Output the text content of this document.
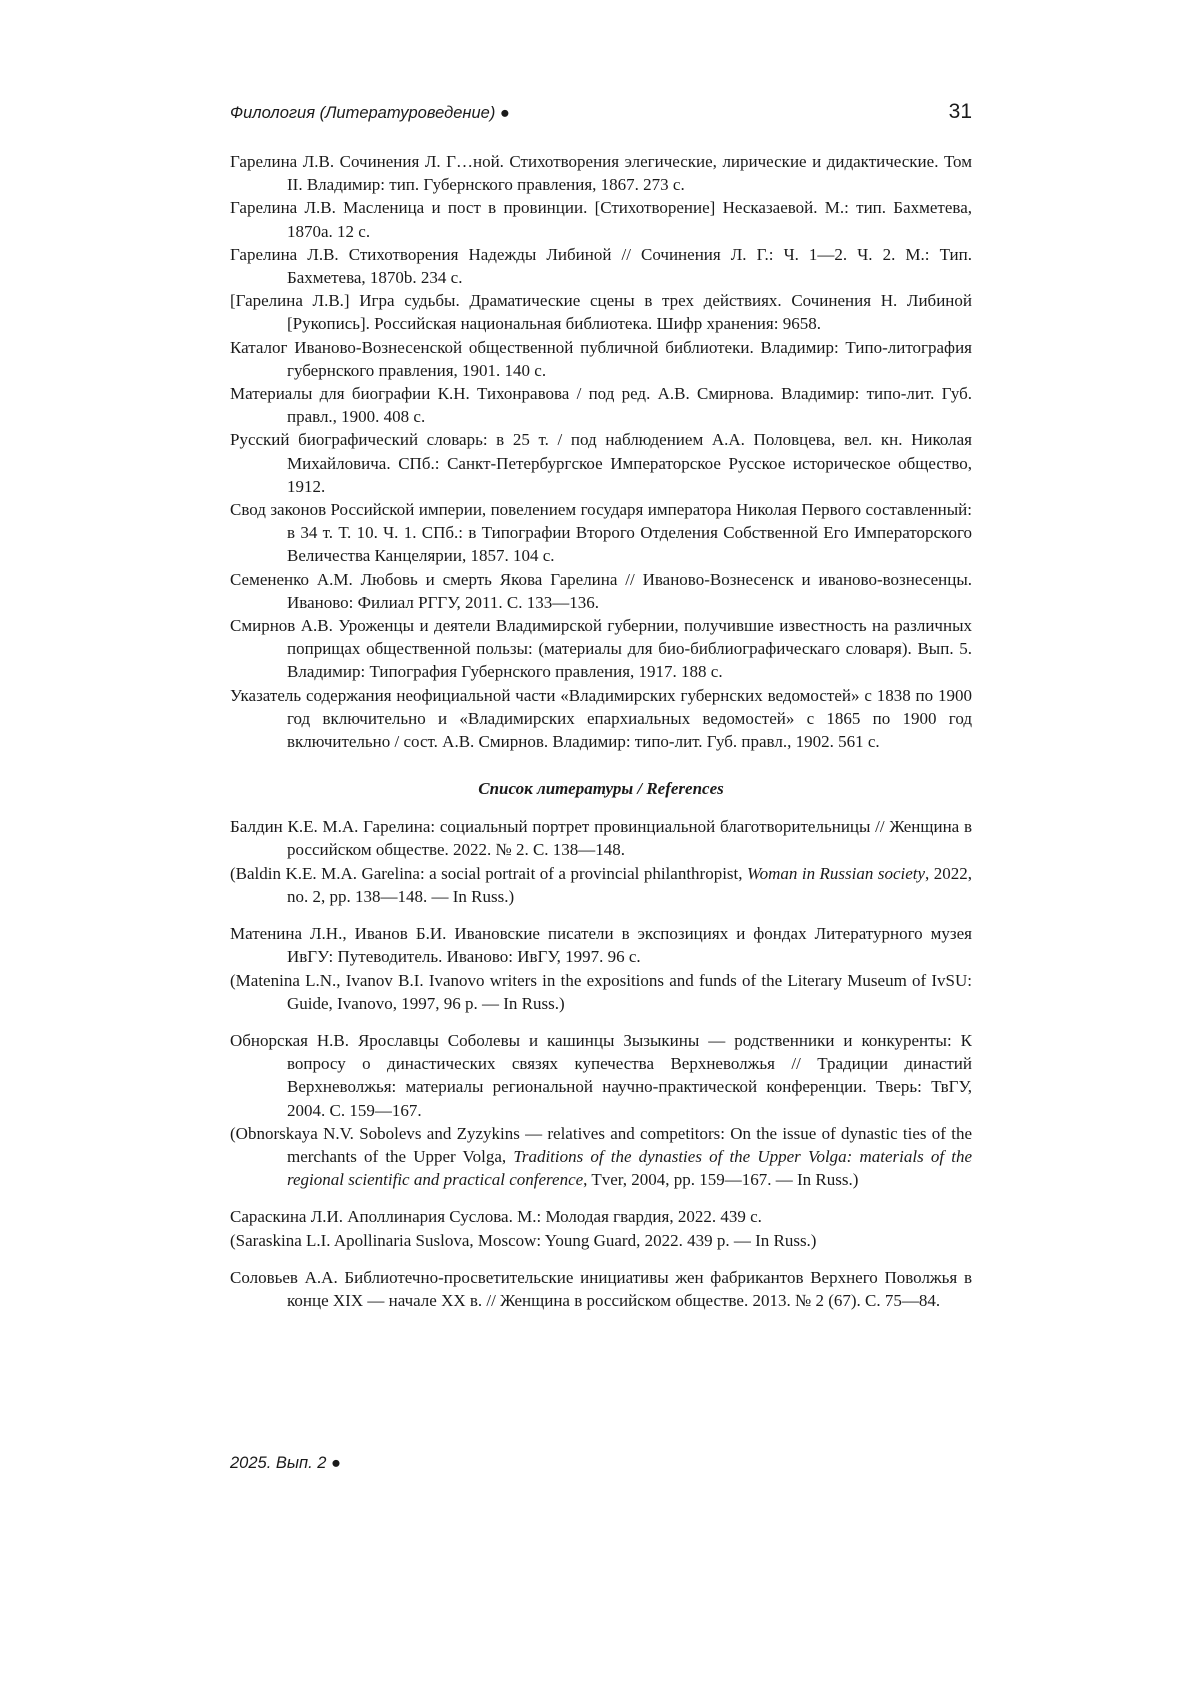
Филология (Литературоведение) ●	31

Гарелина Л.В. Сочинения Л. Г…ной. Стихотворения элегические, лирические и дидактические. Том II. Владимир: тип. Губернского правления, 1867. 273 с.

Гарелина Л.В. Масленица и пост в провинции. [Стихотворение] Несказаевой. М.: тип. Бахметева, 1870a. 12 с.

Гарелина Л.В. Стихотворения Надежды Либиной // Сочинения Л. Г.: Ч. 1—2. Ч. 2. М.: Тип. Бахметева, 1870b. 234 с.

[Гарелина Л.В.] Игра судьбы. Драматические сцены в трех действиях. Сочинения Н. Либиной [Рукопись]. Российская национальная библиотека. Шифр хранения: 9658.

Каталог Иваново-Вознесенской общественной публичной библиотеки. Владимир: Типо-литография губернского правления, 1901. 140 с.

Материалы для биографии К.Н. Тихонравова / под ред. А.В. Смирнова. Владимир: типо-лит. Губ. правл., 1900. 408 с.

Русский биографический словарь: в 25 т. / под наблюдением А.А. Половцева, вел. кн. Николая Михайловича. СПб.: Санкт-Петербургское Императорское Русское историческое общество, 1912.

Свод законов Российской империи, повелением государя императора Николая Первого составленный: в 34 т. Т. 10. Ч. 1. СПб.: в Типографии Второго Отделения Собственной Его Императорского Величества Канцелярии, 1857. 104 с.

Семененко А.М. Любовь и смерть Якова Гарелина // Иваново-Вознесенск и иваново-вознесенцы. Иваново: Филиал РГГУ, 2011. С. 133—136.

Смирнов А.В. Уроженцы и деятели Владимирской губернии, получившие известность на различных поприщах общественной пользы: (материалы для био-библиографическаго словаря). Вып. 5. Владимир: Типография Губернского правления, 1917. 188 с.

Указатель содержания неофициальной части «Владимирских губернских ведомостей» с 1838 по 1900 год включительно и «Владимирских епархиальных ведомостей» с 1865 по 1900 год включительно / сост. А.В. Смирнов. Владимир: типо-лит. Губ. правл., 1902. 561 с.

Список литературы / References

Балдин К.Е. М.А. Гарелина: социальный портрет провинциальной благотворительницы // Женщина в российском обществе. 2022. № 2. С. 138—148.

(Baldin K.E. M.A. Garelina: a social portrait of a provincial philanthropist, Woman in Russian society, 2022, no. 2, pp. 138—148. — In Russ.)

Матенина Л.Н., Иванов Б.И. Ивановские писатели в экспозициях и фондах Литературного музея ИвГУ: Путеводитель. Иваново: ИвГУ, 1997. 96 с.

(Matenina L.N., Ivanov B.I. Ivanovo writers in the expositions and funds of the Literary Museum of IvSU: Guide, Ivanovo, 1997, 96 p. — In Russ.)

Обнорская Н.В. Ярославцы Соболевы и кашинцы Зызыкины — родственники и конкуренты: К вопросу о династических связях купечества Верхневолжья // Традиции династий Верхневолжья: материалы региональной научно-практической конференции. Тверь: ТвГУ, 2004. С. 159—167.

(Obnorskaya N.V. Sobolevs and Zyzykins — relatives and competitors: On the issue of dynastic ties of the merchants of the Upper Volga, Traditions of the dynasties of the Upper Volga: materials of the regional scientific and practical conference, Tver, 2004, pp. 159—167. — In Russ.)

Сараскина Л.И. Аполлинария Суслова. М.: Молодая гвардия, 2022. 439 с.

(Saraskina L.I. Apollinaria Suslova, Moscow: Young Guard, 2022. 439 p. — In Russ.)

Соловьев А.А. Библиотечно-просветительские инициативы жен фабрикантов Верхнего Поволжья в конце XIX — начале XX в. // Женщина в российском обществе. 2013. № 2 (67). С. 75—84.

2025. Вып. 2 ●
